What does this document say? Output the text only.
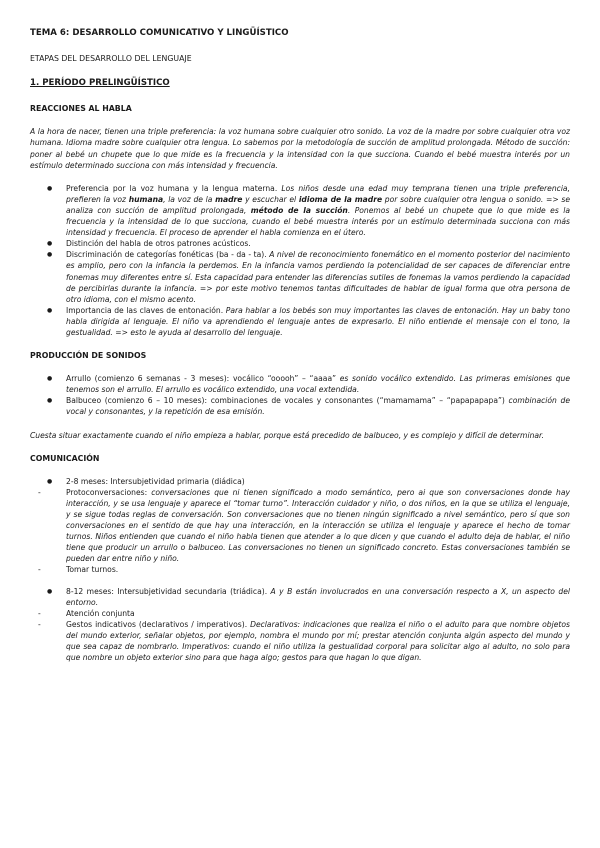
TEMA 6: DESARROLLO COMUNICATIVO Y LINGÜÍSTICO
ETAPAS DEL DESARROLLO DEL LENGUAJE
1. PERÍODO PRELINGÜÍSTICO
REACCIONES AL HABLA

A la hora de nacer, tienen una triple preferencia: la voz humana sobre cualquier otro sonido. La voz de la madre por sobre cualquier otra voz humana. Idioma madre sobre cualquier otra lengua. Lo sabemos por la metodología de succión de amplitud prolongada. Método de succión: poner al bebé un chupete que lo que mide es la frecuencia y la intensidad con la que succiona. Cuando el bebé muestra interés por un estímulo determinado succiona con más intensidad y frecuencia.

● Preferencia por la voz humana y la lengua materna. Los niños desde una edad muy temprana tienen una triple preferencia, prefieren la voz humana, la voz de la madre y escuchar el idioma de la madre por sobre cualquier otra lengua o sonido. => se analiza con succión de amplitud prolongada, método de la succión. Ponemos al bebé un chupete que lo que mide es la frecuencia y la intensidad de lo que succiona, cuando el bebé muestra interés por un estímulo determinada succiona con más intensidad y frecuencia. El proceso de aprender el habla comienza en el útero.
● Distinción del habla de otros patrones acústicos.
● Discriminación de categorías fonéticas (ba - da - ta). A nivel de reconocimiento fonemático en el momento posterior del nacimiento es amplio, pero con la infancia la perdemos. En la infancia vamos perdiendo la potencialidad de ser capaces de diferenciar entre fonemas muy diferentes entre sí. Esta capacidad para entender las diferencias sutiles de fonemas la vamos perdiendo la capacidad de percibirlas durante la infancia. => por este motivo tenemos tantas dificultades de hablar de igual forma que otra persona de otro idioma, con el mismo acento.
● Importancia de las claves de entonación. Para hablar a los bebés son muy importantes las claves de entonación. Hay un baby tono habla dirigida al lenguaje. El niño va aprendiendo el lenguaje antes de expresarlo. El niño entiende el mensaje con el tono, la gestualidad. => esto le ayuda al desarrollo del lenguaje.
PRODUCCIÓN DE SONIDOS
● Arrullo (comienzo 6 semanas - 3 meses): vocálico “ooooh” – “aaaa” es sonido vocálico extendido. Las primeras emisiones que tenemos son el arrullo. El arrullo es vocálico extendido, una vocal extendida.
● Balbuceo (comienzo 6 – 10 meses): combinaciones de vocales y consonantes (“mamamama” – “papapapapa”) combinación de vocal y consonantes, y la repetición de esa emisión.

Cuesta situar exactamente cuando el niño empieza a hablar, porque está precedido de balbuceo, y es complejo y difícil de determinar.

COMUNICACIÓN
● 2-8 meses: Intersubjetividad primaria (diádica)
- Protoconversaciones: conversaciones que ni tienen significado a modo semántico, pero ai que son conversaciones donde hay interacción, y se usa lenguaje y aparece el “tomar turno”. Interacción cuidador y niño, o dos niños, en la que se utiliza el lenguaje, y se sigue todas reglas de conversación. Son conversaciones que no tienen ningún significado a nivel semántico, pero sí que son conversaciones en el sentido de que hay una interacción, en la interacción se utiliza el lenguaje y aparece el hecho de tomar turnos. Niños entienden que cuando el niño habla tienen que atender a lo que dicen y que cuando el adulto deja de hablar, el niño tiene que producir un arrullo o balbuceo. Las conversaciones no tienen un significado concreto. Estas conversaciones también se pueden dar entre niño y niño.
- Tomar turnos.
● 8-12 meses: Intersubjetividad secundaria (triádica). A y B están involucrados en una conversación respecto a X, un aspecto del entorno.
- Atención conjunta
- Gestos indicativos (declarativos / imperativos). Declarativos: indicaciones que realiza el niño o el adulto para que nombre objetos del mundo exterior, señalar objetos, por ejemplo, nombra el mundo por mí; prestar atención conjunta algún aspecto del mundo y que sea capaz de nombrarlo. Imperativos: cuando el niño utiliza la gestualidad corporal para solicitar algo al adulto, no solo para que nombre un objeto exterior sino para que haga algo; gestos para que hagan lo que digan.
